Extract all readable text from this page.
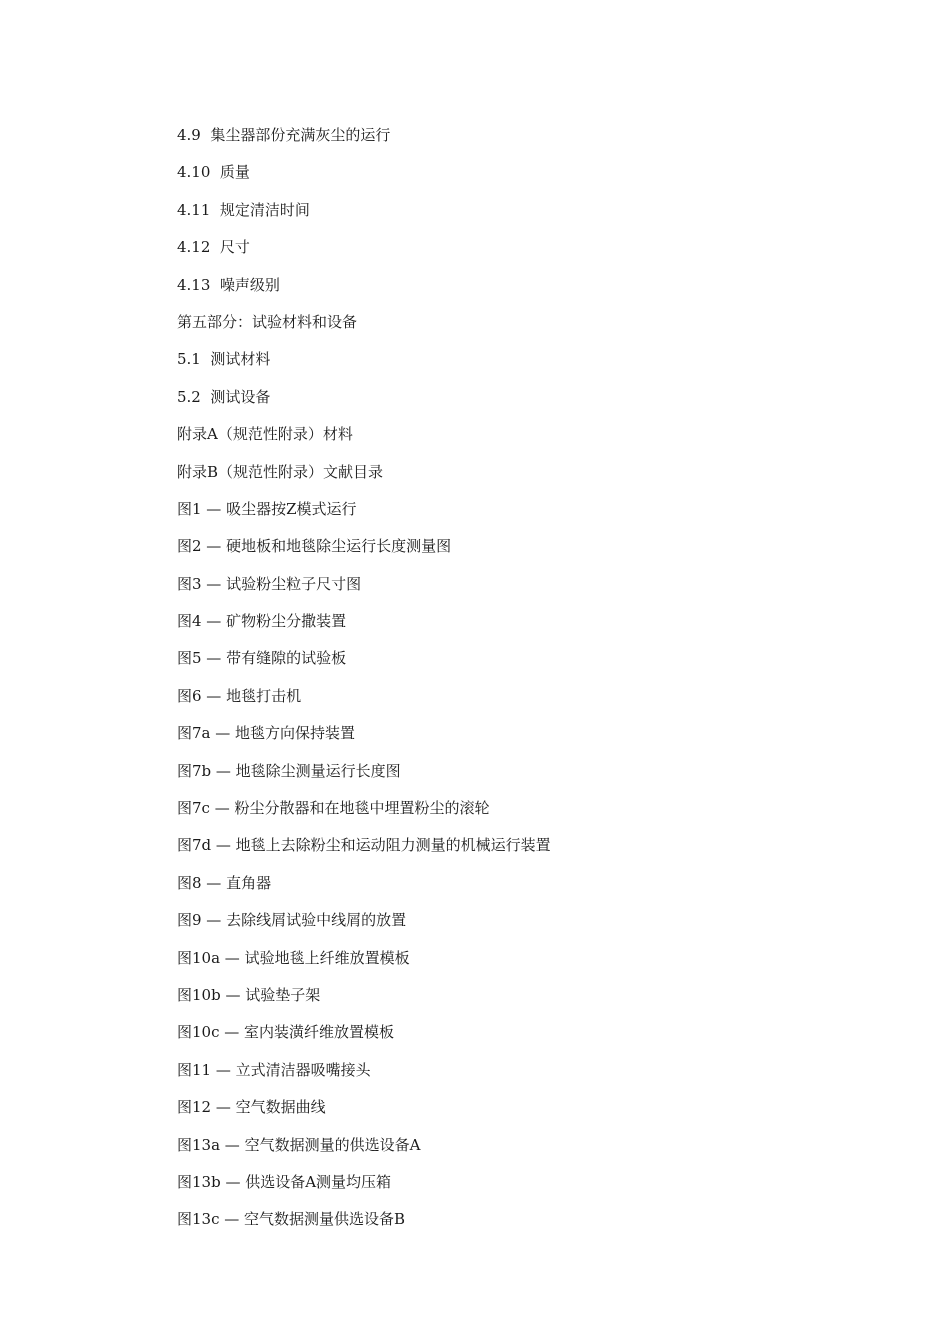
4.9  集尘器部份充满灰尘的运行
4.10  质量
4.11  规定清洁时间
4.12  尺寸
4.13  噪声级别
第五部分：试验材料和设备
5.1  测试材料
5.2  测试设备
附录A（规范性附录）材料
附录B（规范性附录）文献目录
图1 — 吸尘器按Z模式运行
图2 — 硬地板和地毯除尘运行长度测量图
图3 — 试验粉尘粒子尺寸图
图4 — 矿物粉尘分撒装置
图5 — 带有缝隙的试验板
图6 — 地毯打击机
图7a — 地毯方向保持装置
图7b — 地毯除尘测量运行长度图
图7c — 粉尘分散器和在地毯中埋置粉尘的滚轮
图7d — 地毯上去除粉尘和运动阻力测量的机械运行装置
图8 — 直角器
图9 — 去除线屑试验中线屑的放置
图10a — 试验地毯上纤维放置模板
图10b — 试验垫子架
图10c — 室内装潢纤维放置模板
图11 — 立式清洁器吸嘴接头
图12 — 空气数据曲线
图13a — 空气数据测量的供选设备A
图13b — 供选设备A测量均压箱
图13c — 空气数据测量供选设备B
